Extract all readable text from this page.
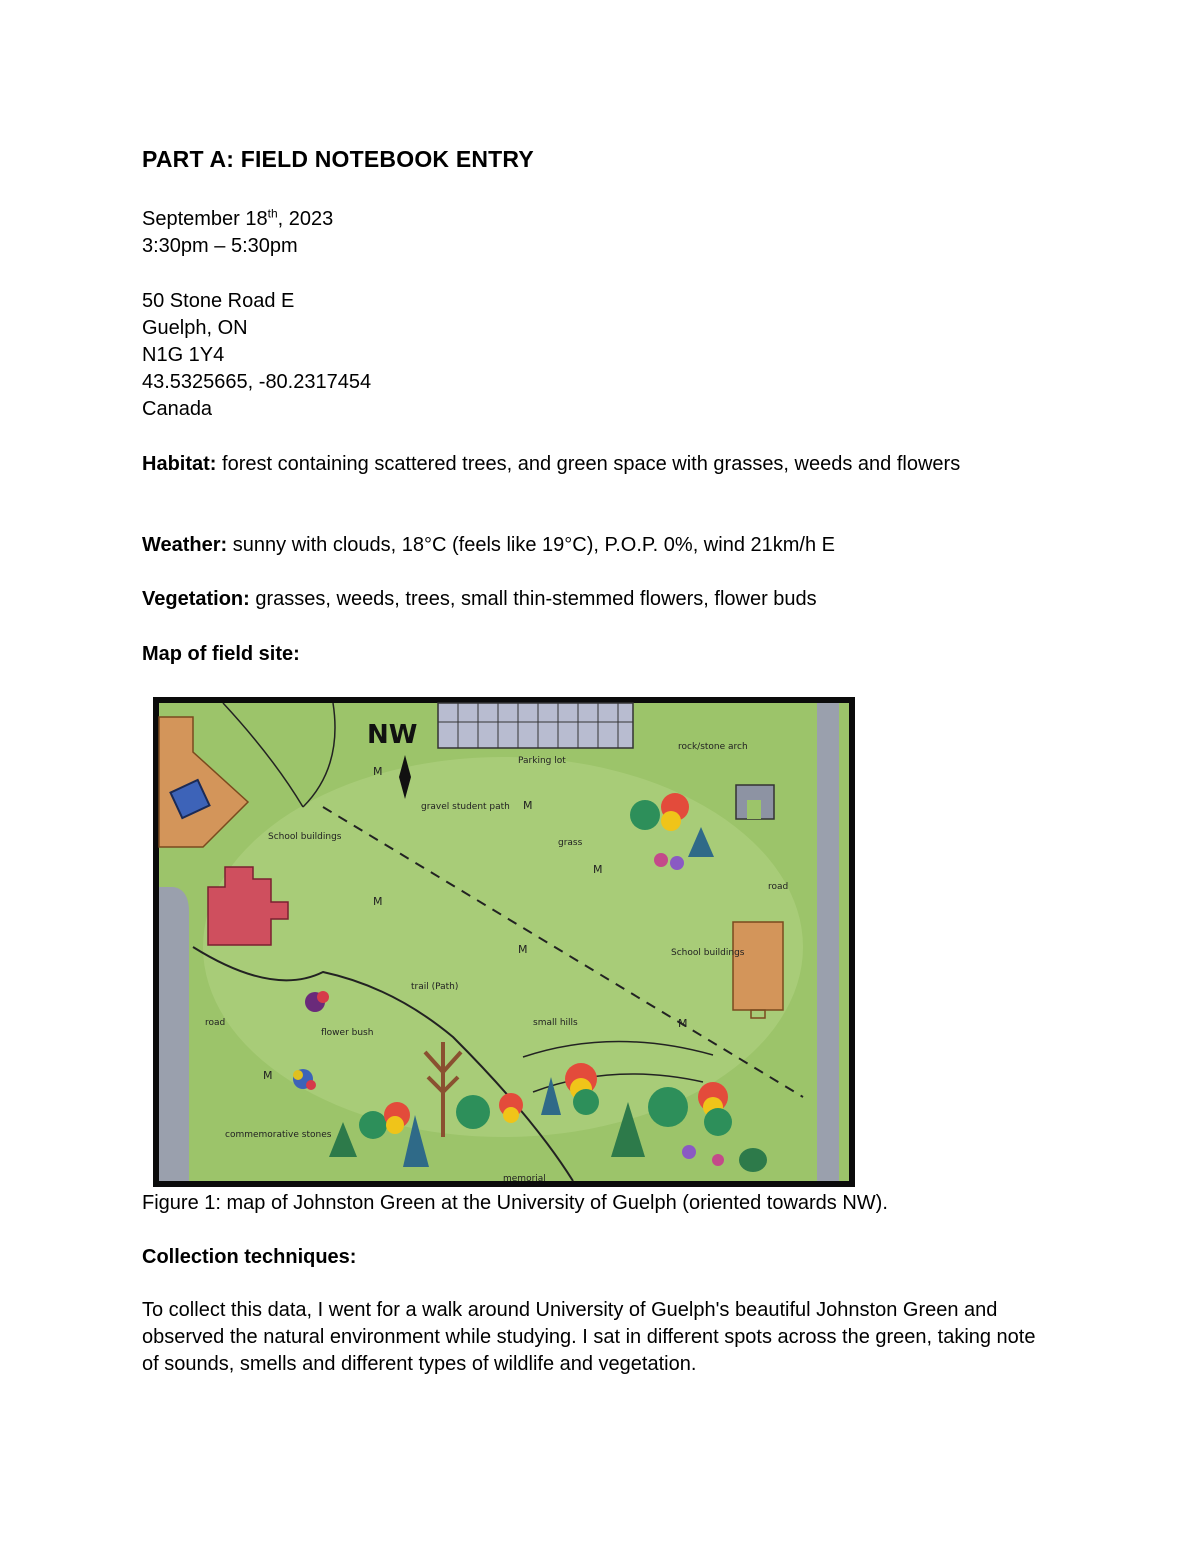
PART A: FIELD NOTEBOOK ENTRY
September 18th, 2023
3:30pm – 5:30pm
50 Stone Road E
Guelph, ON
N1G 1Y4
43.5325665, -80.2317454
Canada
Habitat: forest containing scattered trees, and green space with grasses, weeds and flowers
Weather: sunny with clouds, 18°C (feels like 19°C), P.O.P. 0%, wind 21km/h E
Vegetation: grasses, weeds, trees, small thin-stemmed flowers, flower buds
Map of field site:
NW
Parking lot
rock/stone arch
gravel student path
grass
School buildings
School buildings
road
road
trail (Path)
flower bush
small hills
commemorative stones
memorial
M
M
M
M
M
M
M
Figure 1: map of Johnston Green at the University of Guelph (oriented towards NW).
Collection techniques:
To collect this data, I went for a walk around University of Guelph's beautiful Johnston Green and observed the natural environment while studying. I sat in different spots across the green, taking note of sounds, smells and different types of wildlife and vegetation.
